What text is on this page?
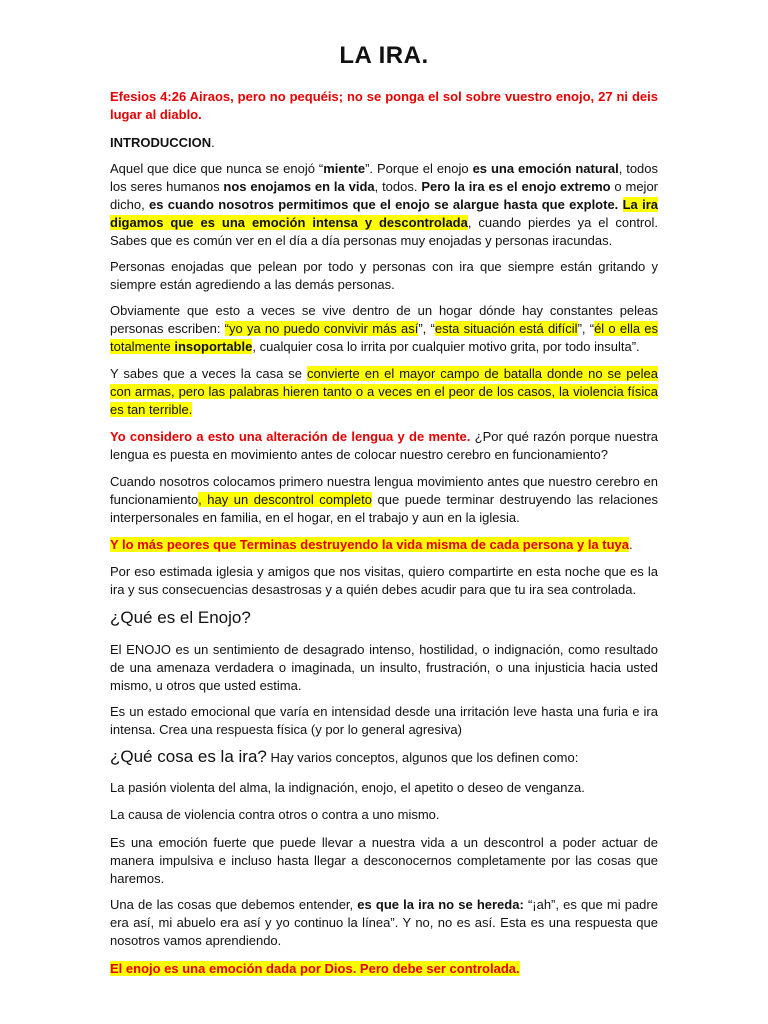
LA IRA.

Efesios 4:26 Airaos, pero no pequéis; no se ponga el sol sobre vuestro enojo, 27 ni deis lugar al diablo.

INTRODUCCION.

Aquel que dice que nunca se enojó “miente”. Porque el enojo es una emoción natural, todos los seres humanos nos enojamos en la vida, todos. Pero la ira es el enojo extremo o mejor dicho, es cuando nosotros permitimos que el enojo se alargue hasta que explote. La ira digamos que es una emoción intensa y descontrolada, cuando pierdes ya el control. Sabes que es común ver en el día a día personas muy enojadas y personas iracundas.

Personas enojadas que pelean por todo y personas con ira que siempre están gritando y siempre están agrediendo a las demás personas.

Obviamente que esto a veces se vive dentro de un hogar dónde hay constantes peleas personas escriben: “yo ya no puedo convivir más así”, “esta situación está difícil”, “él o ella es totalmente insoportable, cualquier cosa lo irrita por cualquier motivo grita, por todo insulta”.

Y sabes que a veces la casa se convierte en el mayor campo de batalla donde no se pelea con armas, pero las palabras hieren tanto o a veces en el peor de los casos, la violencia física es tan terrible.

Yo considero a esto una alteración de lengua y de mente. ¿Por qué razón porque nuestra lengua es puesta en movimiento antes de colocar nuestro cerebro en funcionamiento?

Cuando nosotros colocamos primero nuestra lengua movimiento antes que nuestro cerebro en funcionamiento, hay un descontrol completo que puede terminar destruyendo las relaciones interpersonales en familia, en el hogar, en el trabajo y aun en la iglesia.

Y lo más peores que Terminas destruyendo la vida misma de cada persona y la tuya.

Por eso estimada iglesia y amigos que nos visitas, quiero compartirte en esta noche que es la ira y sus consecuencias desastrosas y a quién debes acudir para que tu ira sea controlada.

¿Qué es el Enojo?

El ENOJO es un sentimiento de desagrado intenso, hostilidad, o indignación, como resultado de una amenaza verdadera o imaginada, un insulto, frustración, o una injusticia hacia usted mismo, u otros que usted estima.

Es un estado emocional que varía en intensidad desde una irritación leve hasta una furia e ira intensa. Crea una respuesta física (y por lo general agresiva)

¿Qué cosa es la ira? Hay varios conceptos, algunos que los definen como:

La pasión violenta del alma, la indignación, enojo, el apetito o deseo de venganza.

La causa de violencia contra otros o contra a uno mismo.

Es una emoción fuerte que puede llevar a nuestra vida a un descontrol a poder actuar de manera impulsiva e incluso hasta llegar a desconocernos completamente por las cosas que haremos.

Una de las cosas que debemos entender, es que la ira no se hereda: “¡ah”, es que mi padre era así, mi abuelo era así y yo continuo la línea”. Y no, no es así. Esta es una respuesta que nosotros vamos aprendiendo.

El enojo es una emoción dada por Dios. Pero debe ser controlada.
